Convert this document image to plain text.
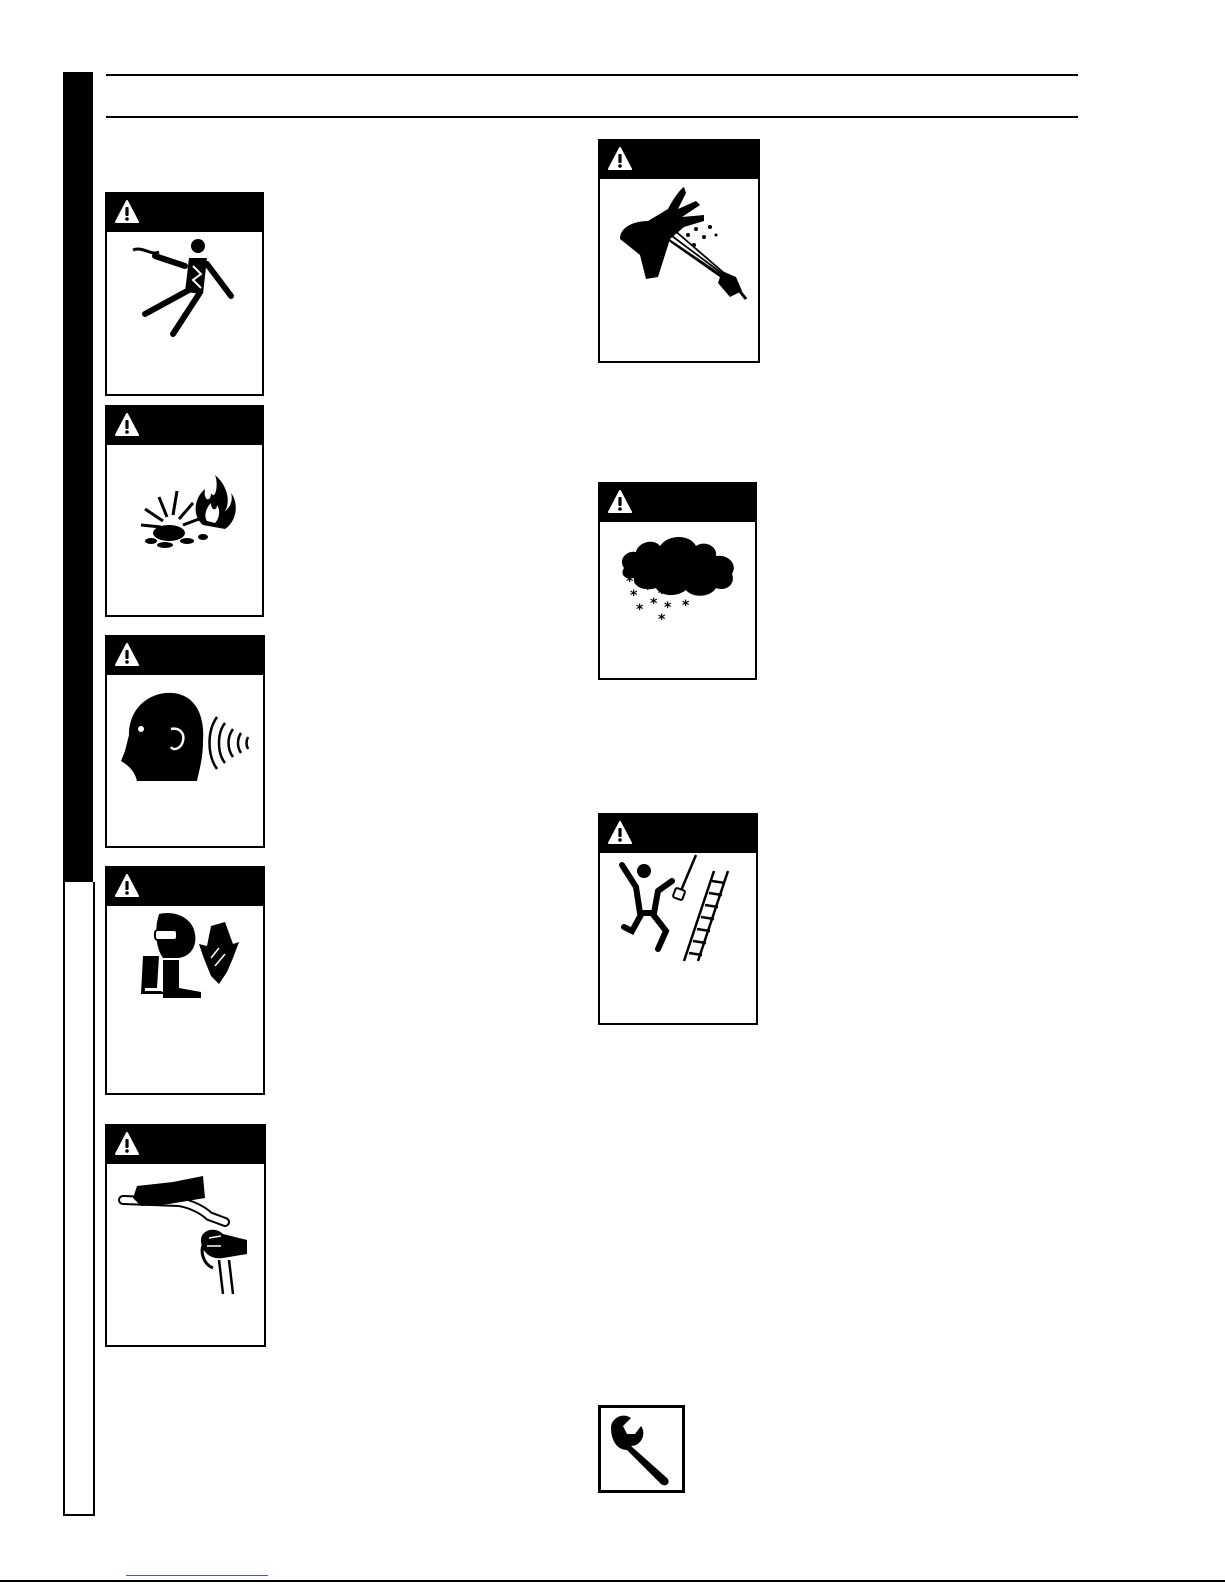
* * *
* * * *
* * * *
*
